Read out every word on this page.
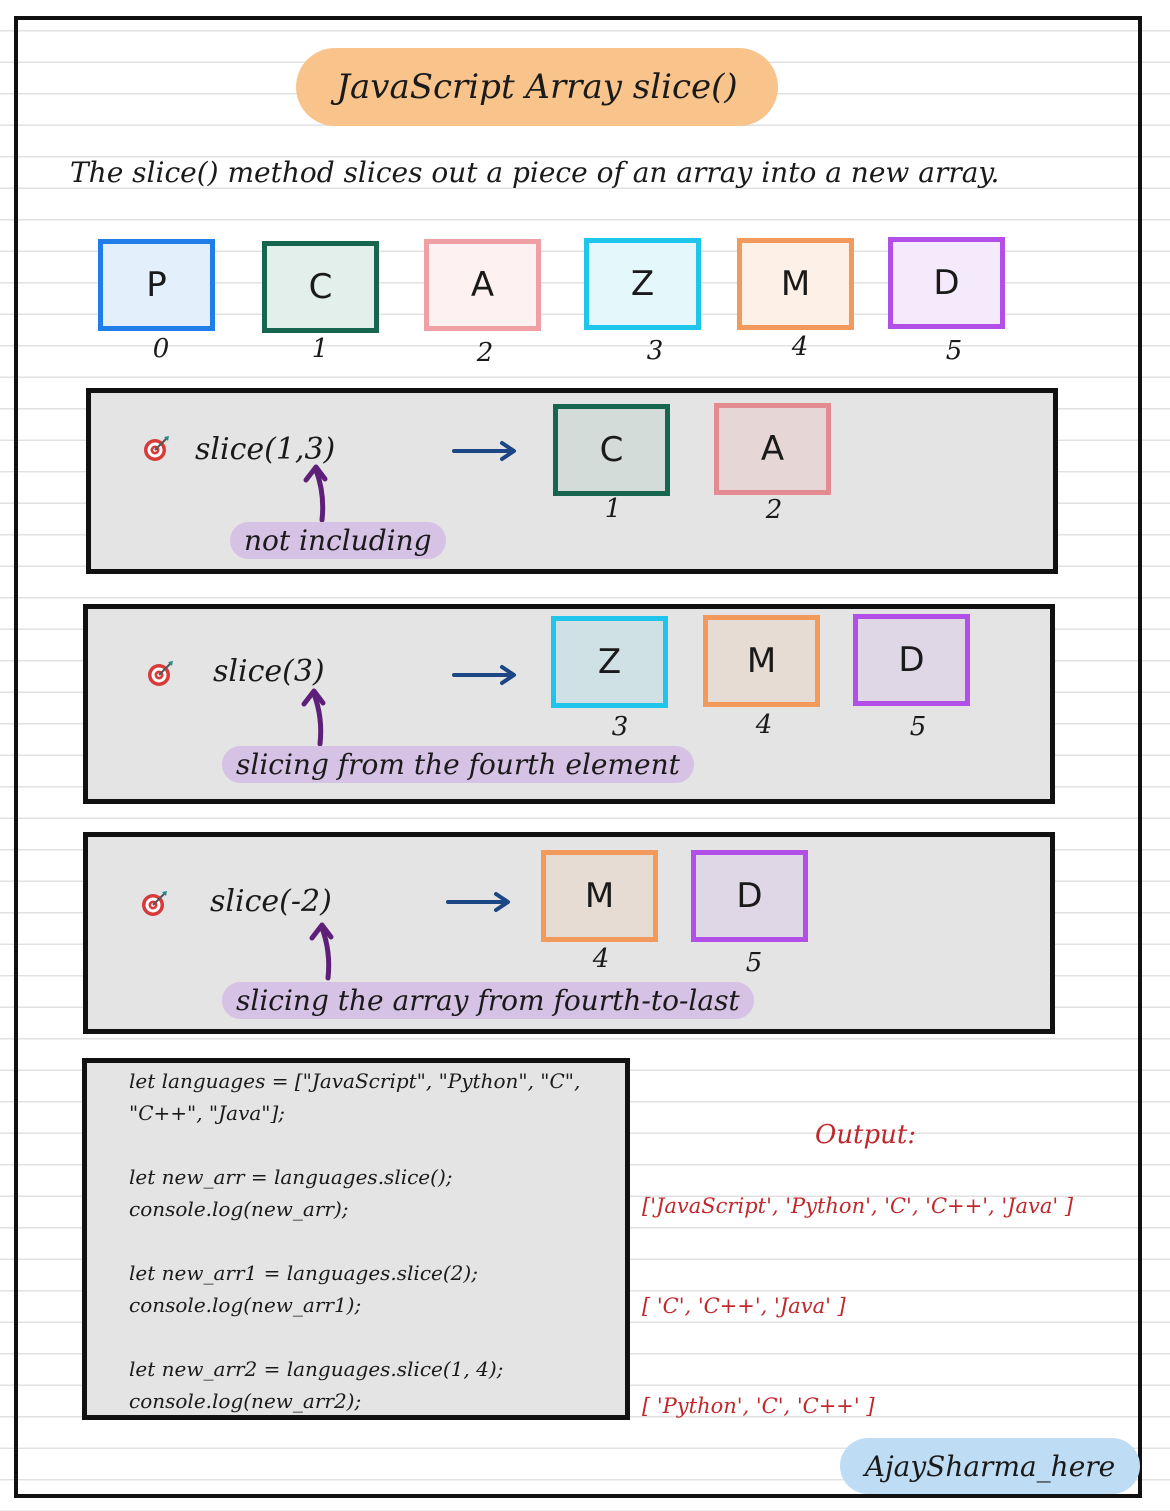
JavaScript Array slice()
The slice() method slices out a piece of an array into a new array.
P	C	A	Z	M	D
0	1	2	3	4	5
slice(1,3)
not including
C	A
1	2
slice(3)
slicing from the fourth element
Z	M	D
3	4	5
slice(-2)
slicing the array from fourth-to-last
M	D
4	5
let languages = ["JavaScript", "Python", "C",
"C++", "Java"];
let new_arr = languages.slice();
console.log(new_arr);
let new_arr1 = languages.slice(2);
console.log(new_arr1);
let new_arr2 = languages.slice(1, 4);
console.log(new_arr2);
Output:
['JavaScript', 'Python', 'C', 'C++', 'Java' ]
[ 'C', 'C++', 'Java' ]
[ 'Python', 'C', 'C++' ]
AjaySharma_here
